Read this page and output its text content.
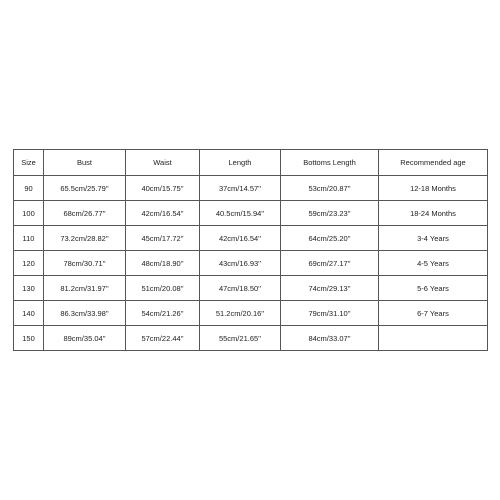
Size	Bust	Waist	Length	Bottoms Length	Recommended age
90	65.5cm/25.79''	40cm/15.75''	37cm/14.57''	53cm/20.87''	12-18 Months
100	68cm/26.77''	42cm/16.54''	40.5cm/15.94''	59cm/23.23''	18-24 Months
110	73.2cm/28.82''	45cm/17.72''	42cm/16.54''	64cm/25.20''	3-4 Years
120	78cm/30.71''	48cm/18.90''	43cm/16.93''	69cm/27.17''	4-5 Years
130	81.2cm/31.97''	51cm/20.08''	47cm/18.50''	74cm/29.13''	5-6 Years
140	86.3cm/33.98''	54cm/21.26''	51.2cm/20.16''	79cm/31.10''	6-7 Years
150	89cm/35.04''	57cm/22.44''	55cm/21.65''	84cm/33.07''	
